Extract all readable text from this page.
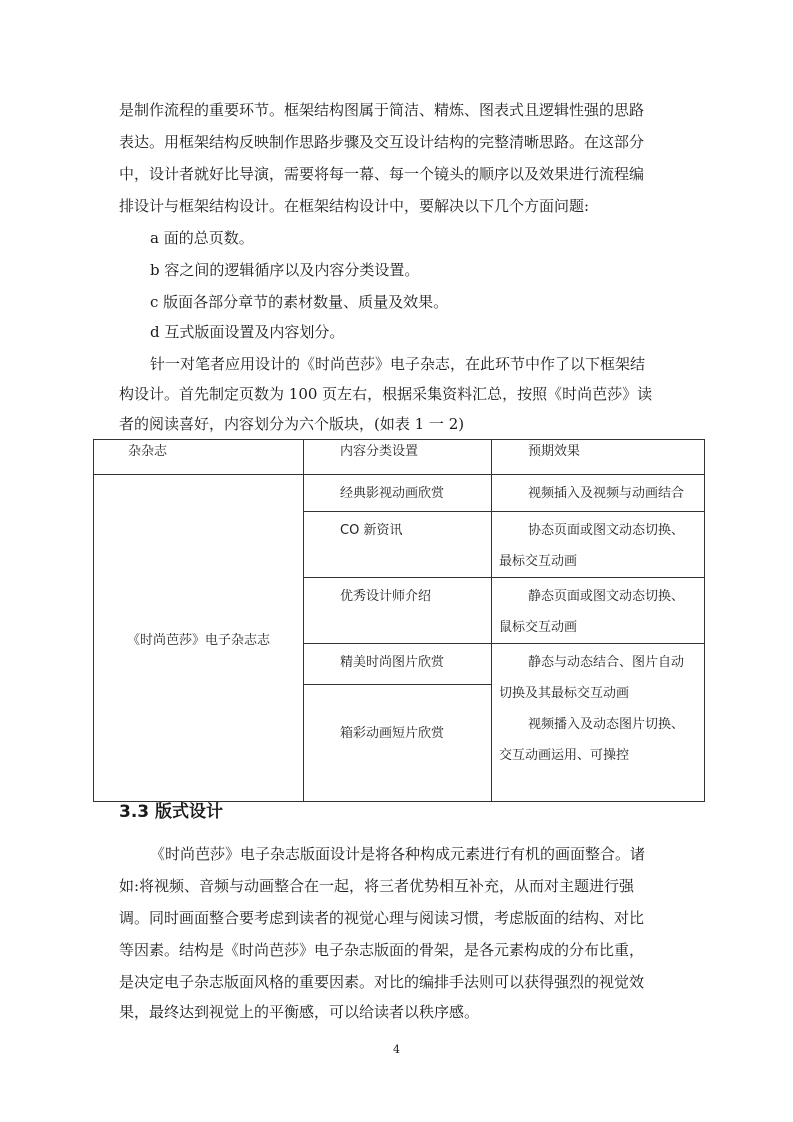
是制作流程的重要环节。框架结构图属于简洁、精炼、图表式且逻辑性强的思路
表达。用框架结构反映制作思路步骤及交互设计结构的完整清晰思路。在这部分
中，设计者就好比导演，需要将每一幕、每一个镜头的顺序以及效果进行流程编
排设计与框架结构设计。在框架结构设计中，要解决以下几个方面问题:
a 面的总页数。
b 容之间的逻辑循序以及内容分类设置。
c 版面各部分章节的素材数量、质量及效果。
d 互式版面设置及内容划分。
针一对笔者应用设计的《时尚芭莎》电子杂志，在此环节中作了以下框架结
构设计。首先制定页数为 100 页左右，根据采集资料汇总，按照《时尚芭莎》读
者的阅读喜好，内容划分为六个版块，(如表 1 一 2)
杂杂志	内容分类设置	预期效果
《时尚芭莎》电子杂志志	经典影视动画欣赏	视频插入及视频与动画结合
	CO 新资讯	协态页面或图文动态切换、
最标交互动画

	优秀设计师介绍	静态页面或图文动态切换、
鼠标交互动画

	精美时尚图片欣赏	静态与动态结合、图片自动
切换及其最标交互动画
视频播入及动态图片切换、
交互动画运用、可操控

	箱彩动画短片欣赏	
3.3 版式设计
《时尚芭莎》电子杂志版面设计是将各种构成元素进行有机的画面整合。诸
如:将视频、音频与动画整合在一起，将三者优势相互补充，从而对主题进行强
调。同时画面整合要考虑到读者的视觉心理与阅读习惯，考虑版面的结构、对比
等因素。结构是《时尚芭莎》电子杂志版面的骨架，是各元素构成的分布比重，
是决定电子杂志版面风格的重要因素。对比的编排手法则可以获得强烈的视觉效
果，最终达到视觉上的平衡感，可以给读者以秩序感。
4
